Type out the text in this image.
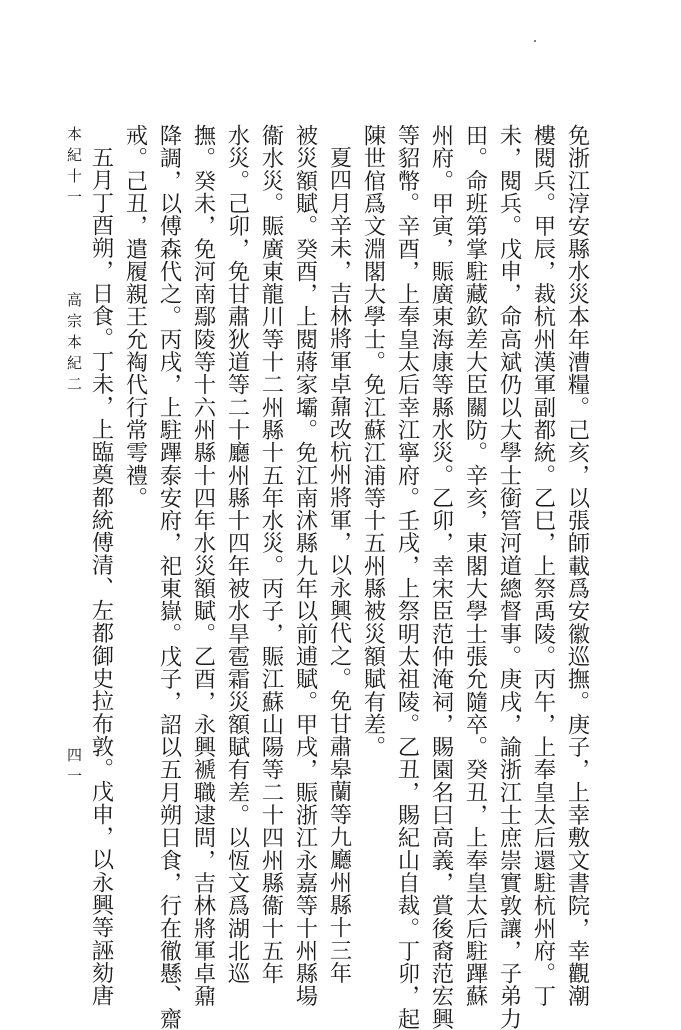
免浙江淳安縣水災本年漕糧。己亥，以張師載爲安徽巡撫。庚子，上幸敷文書院，幸觀潮
樓閱兵。甲辰，裁杭州漢軍副都統。乙巳，上祭禹陵。丙午，上奉皇太后還駐杭州府。丁
未，閱兵。戊申，命高斌仍以大學士銜管河道總督事。庚戌，諭浙江士庶崇實敦讓，子弟力
田。命班第掌駐藏欽差大臣關防。辛亥，東閣大學士張允隨卒。癸丑，上奉皇太后駐蹕蘇
州府。甲寅，賑廣東海康等縣水災。乙卯，幸宋臣范仲淹祠，賜園名曰高義，賞後裔范宏興
等貂幣。辛酉，上奉皇太后幸江寧府。壬戌，上祭明太祖陵。乙丑，賜紀山自裁。丁卯，起
陳世倌爲文淵閣大學士。免江蘇江浦等十五州縣被災額賦有差。
夏四月辛未，吉林將軍卓鼐改杭州將軍，以永興代之。免甘肅皋蘭等九廳州縣十三年
被災額賦。癸酉，上閱蔣家壩。免江南沭縣九年以前逋賦。甲戌，賑浙江永嘉等十州縣場
衞水災。賑廣東龍川等十二州縣十五年水災。丙子，賑江蘇山陽等二十四州縣衞十五年
水災。己卯，免甘肅狄道等二十廳州縣十四年被水旱雹霜災額賦有差。以恆文爲湖北巡
撫。癸未，免河南鄢陵等十六州縣十四年水災額賦。乙酉，永興褫職逮問，吉林將軍卓鼐
降調，以傅森代之。丙戌，上駐蹕泰安府，祀東嶽。戊子，詔以五月朔日食，行在徹懸、齋
戒。己丑，遣履親王允裪代行常雩禮。
五月丁酉朔，日食。丁未，上臨奠都統傅清、左都御史拉布敦。戊申，以永興等誣劾唐
本紀十一
高宗本紀二
四一
